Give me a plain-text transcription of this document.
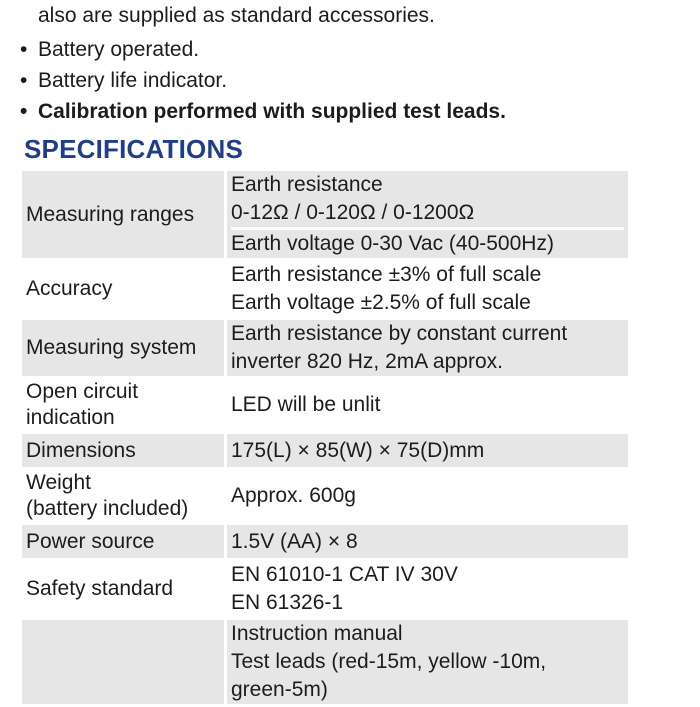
also are supplied as standard accessories.
• Battery operated.
• Battery life indicator.
• Calibration performed with supplied test leads.
SPECIFICATIONS
Measuring ranges	Earth resistance
0-12Ω / 0-120Ω / 0-1200Ω
Earth voltage 0-30 Vac (40-500Hz)

Accuracy	Earth resistance ±3% of full scale
Earth voltage ±2.5% of full scale

Measuring system	Earth resistance by constant current
inverter 820 Hz, 2mA approx.

Open circuit
indication	LED will be unlit

Dimensions	175(L) × 85(W) × 75(D)mm

Weight
(battery included)	Approx. 600g

Power source	1.5V (AA) × 8

Safety standard	EN 61010-1 CAT IV 30V
EN 61326-1

	Instruction manual
Test leads (red-15m, yellow -10m,
green-5m)
